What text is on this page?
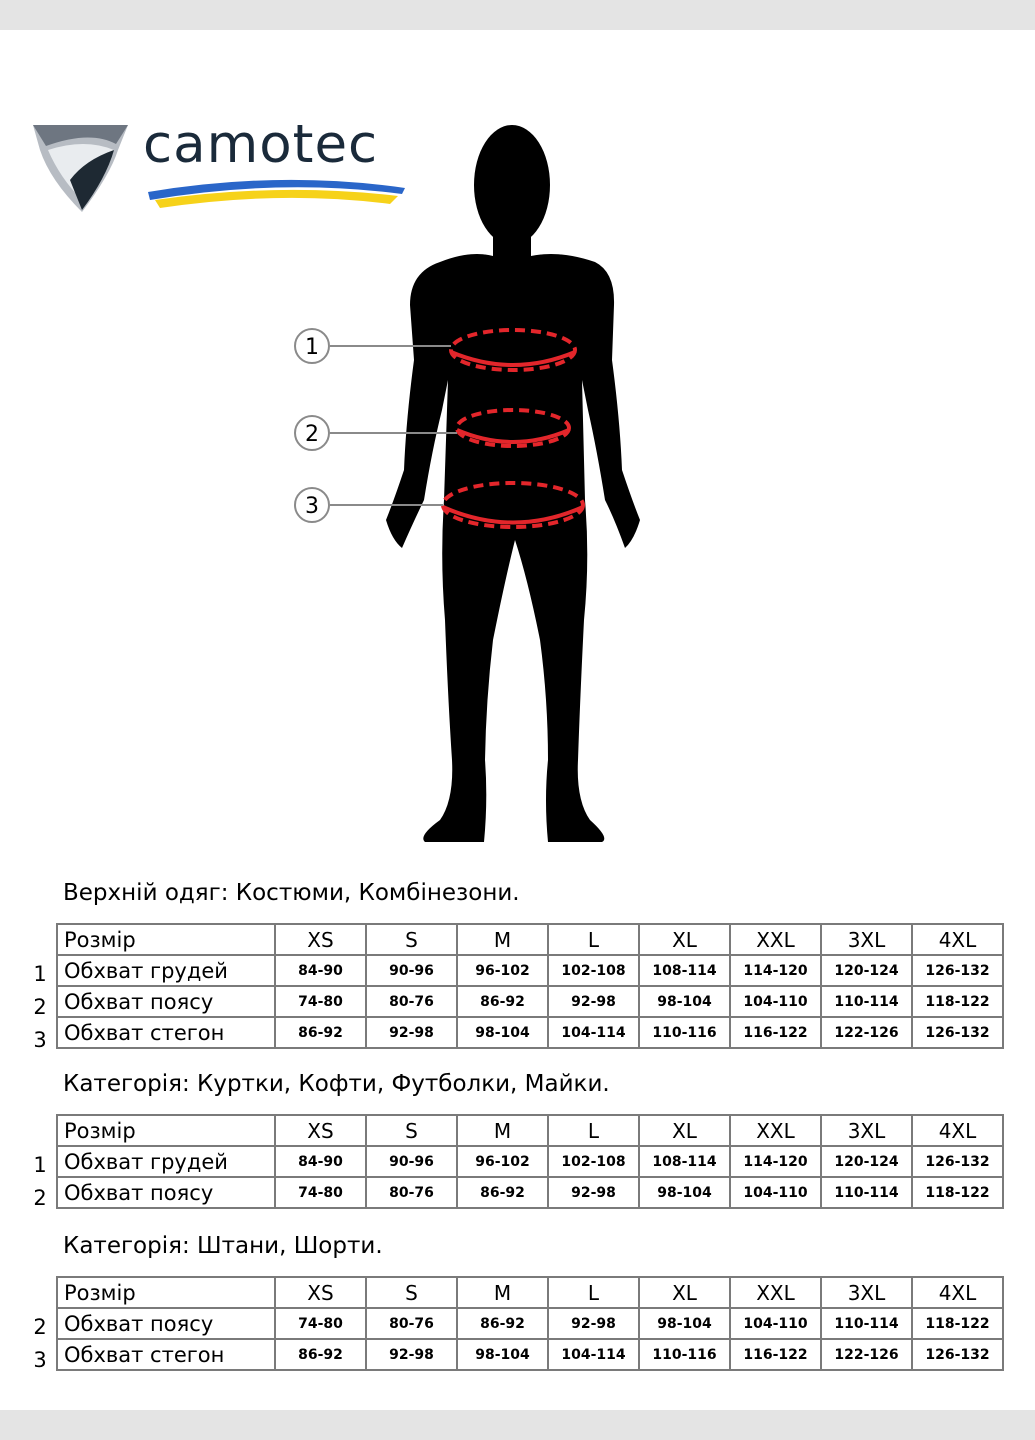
camotec
1
2
3
Верхній одяг: Костюми, Комбінезони.
1
2
3
Розмір	XS	S	M	L	XL	XXL	3XL	4XL
Обхват грудей	84-90	90-96	96-102	102-108	108-114	114-120	120-124	126-132
Обхват поясу	74-80	80-76	86-92	92-98	98-104	104-110	110-114	118-122
Обхват стегон	86-92	92-98	98-104	104-114	110-116	116-122	122-126	126-132
Категорія: Куртки, Кофти, Футболки, Майки.
1
2
Розмір	XS	S	M	L	XL	XXL	3XL	4XL
Обхват грудей	84-90	90-96	96-102	102-108	108-114	114-120	120-124	126-132
Обхват поясу	74-80	80-76	86-92	92-98	98-104	104-110	110-114	118-122
Категорія: Штани, Шорти.
2
3
Розмір	XS	S	M	L	XL	XXL	3XL	4XL
Обхват поясу	74-80	80-76	86-92	92-98	98-104	104-110	110-114	118-122
Обхват стегон	86-92	92-98	98-104	104-114	110-116	116-122	122-126	126-132
